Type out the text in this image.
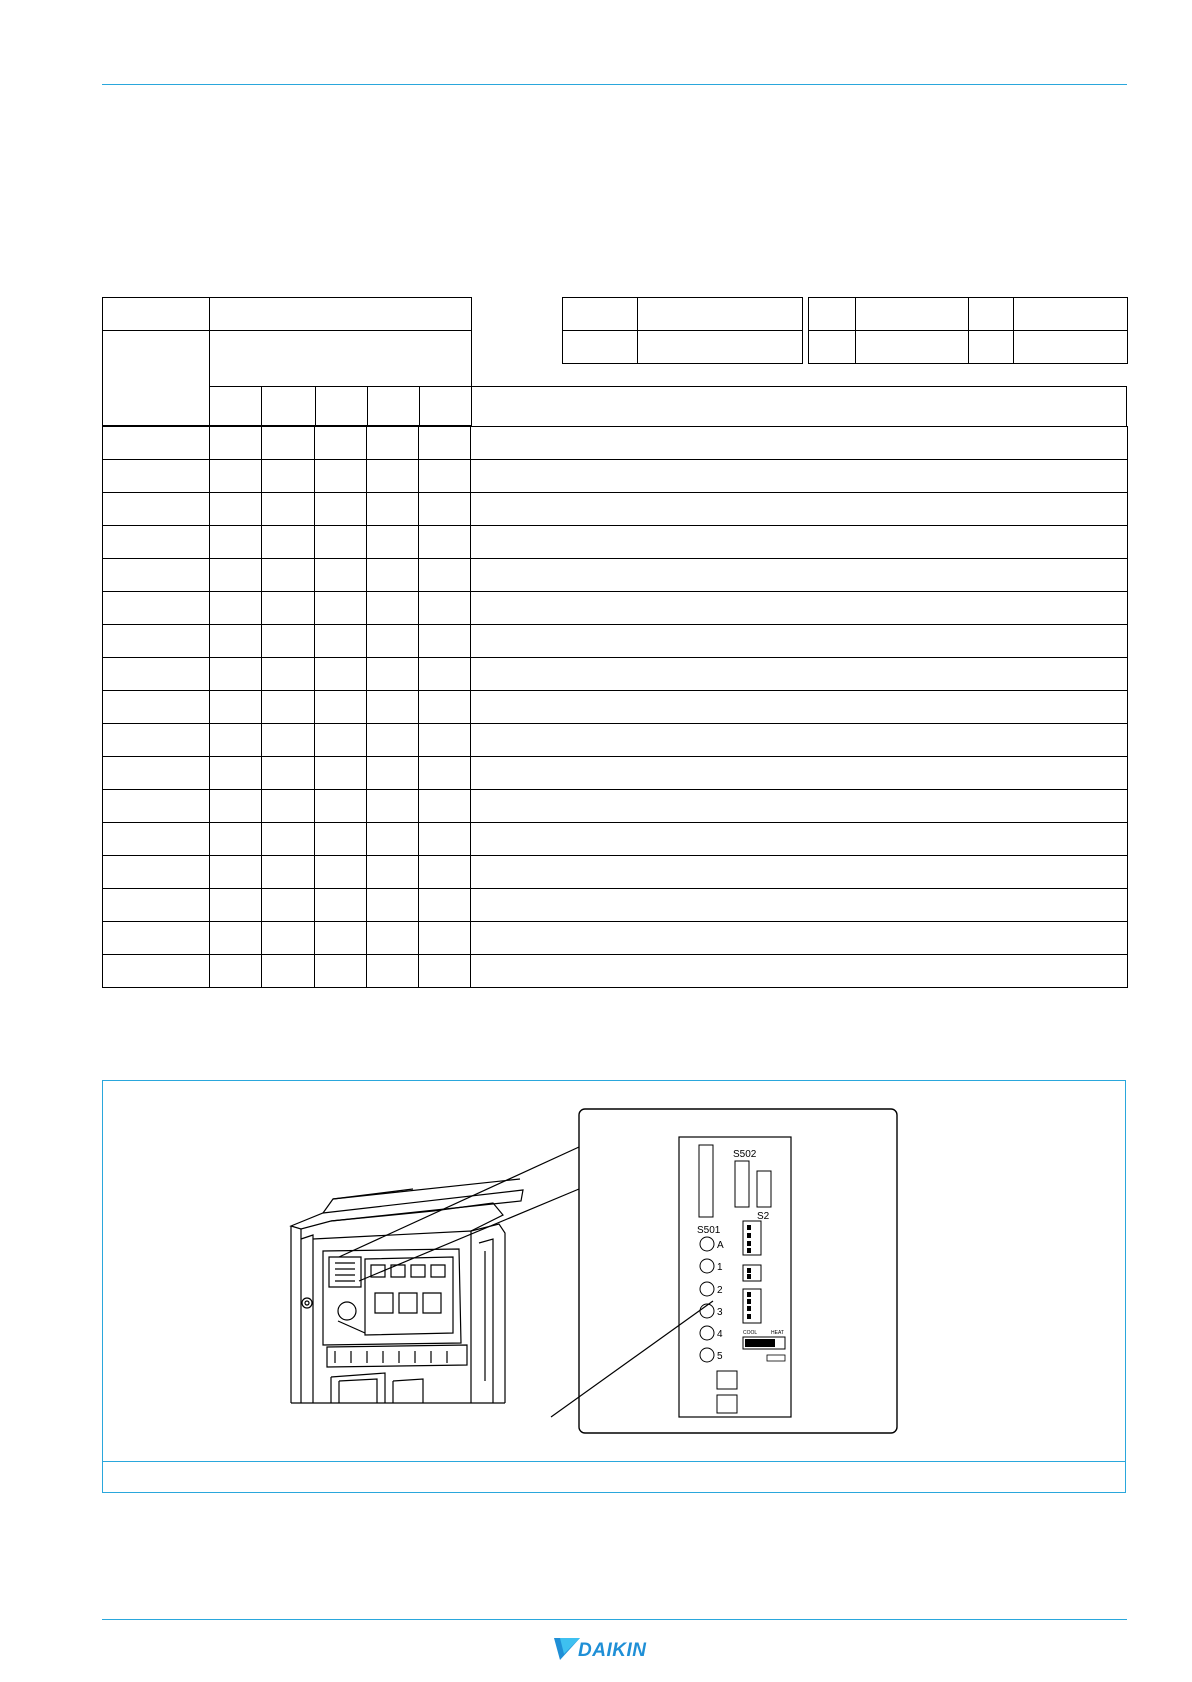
S501
S502
S2
A
1
2
3
4
5
COOL	HEAT
DAIKIN
